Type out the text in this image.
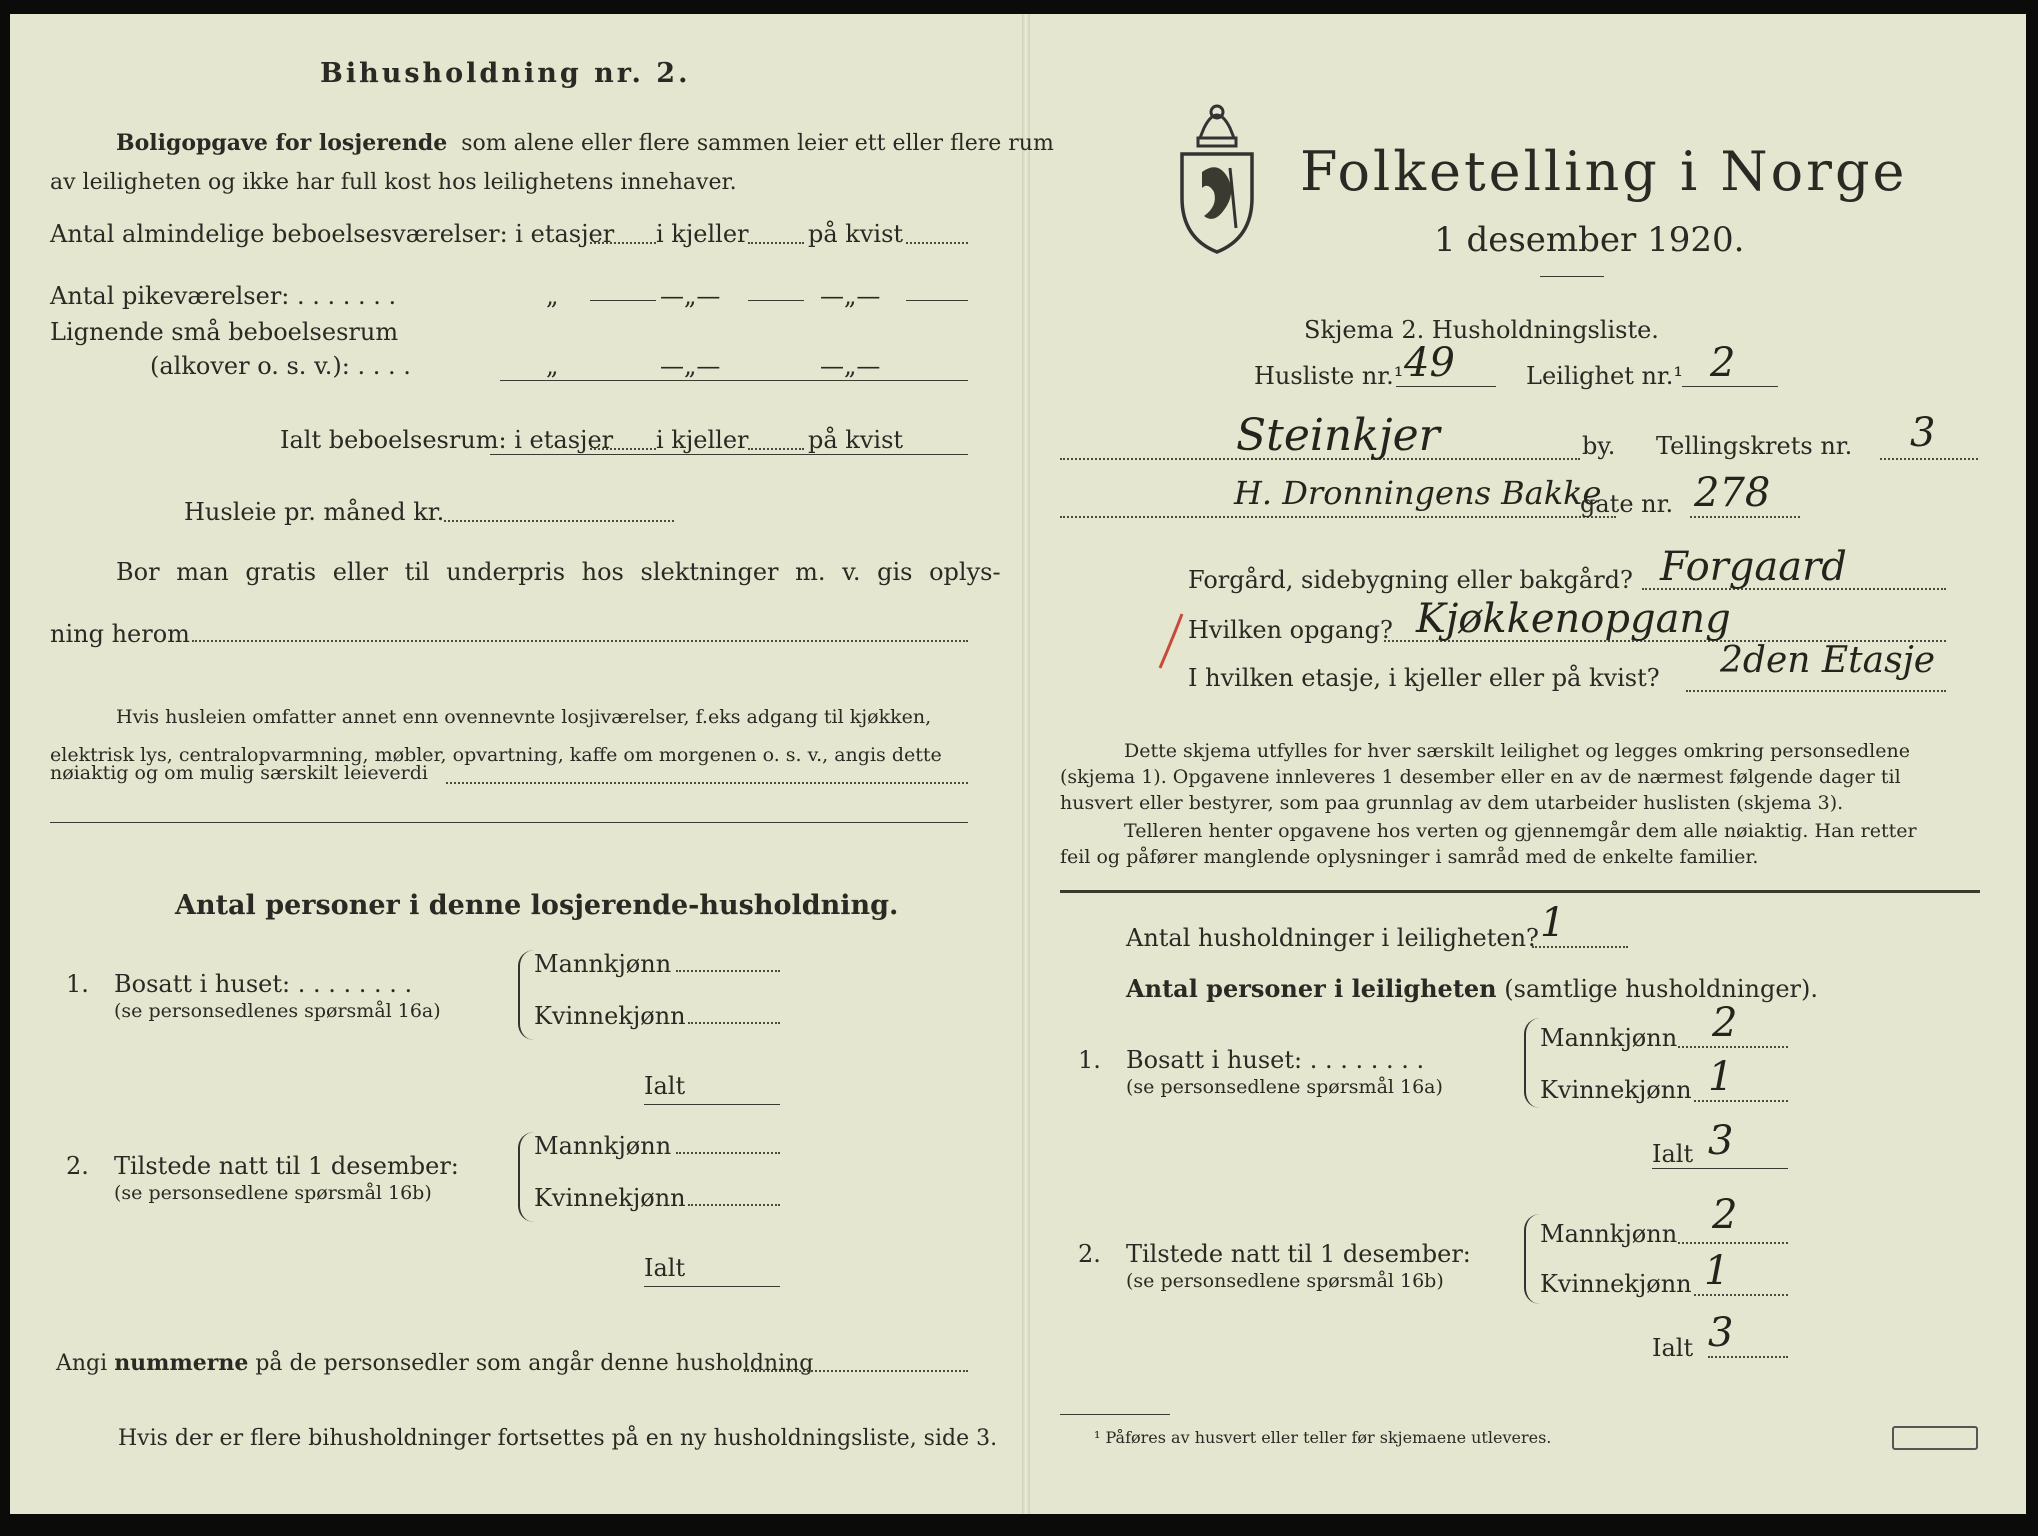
Bihusholdning nr. 2.
Boligopgave for losjerende som alene eller flere sammen leier ett eller flere rum
av leiligheten og ikke har full kost hos leilighetens innehaver.
Antal almindelige beboelsesværelser: i etasjer i kjeller på kvist
Antal pikeværelser: . . . . . . .	„	—„—	—„—
Lignende små beboelsesrum
(alkover o. s. v.): . . . .	„	—„—	—„—
Ialt beboelsesrum: i etasjer i kjeller på kvist
Husleie pr. måned kr.
Bor man gratis eller til underpris hos slektninger m. v. gis oplys-
ning herom
Hvis husleien omfatter annet enn ovennevnte losjiværelser, f.eks adgang til kjøkken,
elektrisk lys, centralopvarmning, møbler, opvartning, kaffe om morgenen o. s. v., angis dette
nøiaktig og om mulig særskilt leieverdi
Antal personer i denne losjerende-husholdning.
1. Bosatt i huset: . . . . . . . .
(se personsedlenes spørsmål 16a)
Mannkjønn
Kvinnekjønn
Ialt
2. Tilstede natt til 1 desember:
(se personsedlene spørsmål 16b)
Mannkjønn
Kvinnekjønn
Ialt
Angi nummerne på de personsedler som angår denne husholdning
Hvis der er flere bihusholdninger fortsettes på en ny husholdningsliste, side 3.
Folketelling i Norge
1 desember 1920.
Skjema 2. Husholdningsliste.
Husliste nr.¹ 49	Leilighet nr.¹ 2
Steinkjer	by. Tellingskrets nr. 3
H. Dronningens Bakke
gate nr. 278
Forgård, sidebygning eller bakgård? Forgaard
Hvilken opgang? Kjøkkenopgang
I hvilken etasje, i kjeller eller på kvist? 2den Etasje
Dette skjema utfylles for hver særskilt leilighet og legges omkring personsedlene
(skjema 1). Opgavene innleveres 1 desember eller en av de nærmest følgende dager til
husvert eller bestyrer, som paa grunnlag av dem utarbeider huslisten (skjema 3).
Telleren henter opgavene hos verten og gjennemgår dem alle nøiaktig. Han retter
feil og påfører manglende oplysninger i samråd med de enkelte familier.
Antal husholdninger i leiligheten? 1
Antal personer i leiligheten (samtlige husholdninger).
1. Bosatt i huset: . . . . . . . .
(se personsedlene spørsmål 16a)
Mannkjønn 2
Kvinnekjønn 1
Ialt 3
2. Tilstede natt til 1 desember:
(se personsedlene spørsmål 16b)
Mannkjønn 2
Kvinnekjønn 1
Ialt 3
¹ Påføres av husvert eller teller før skjemaene utleveres.
